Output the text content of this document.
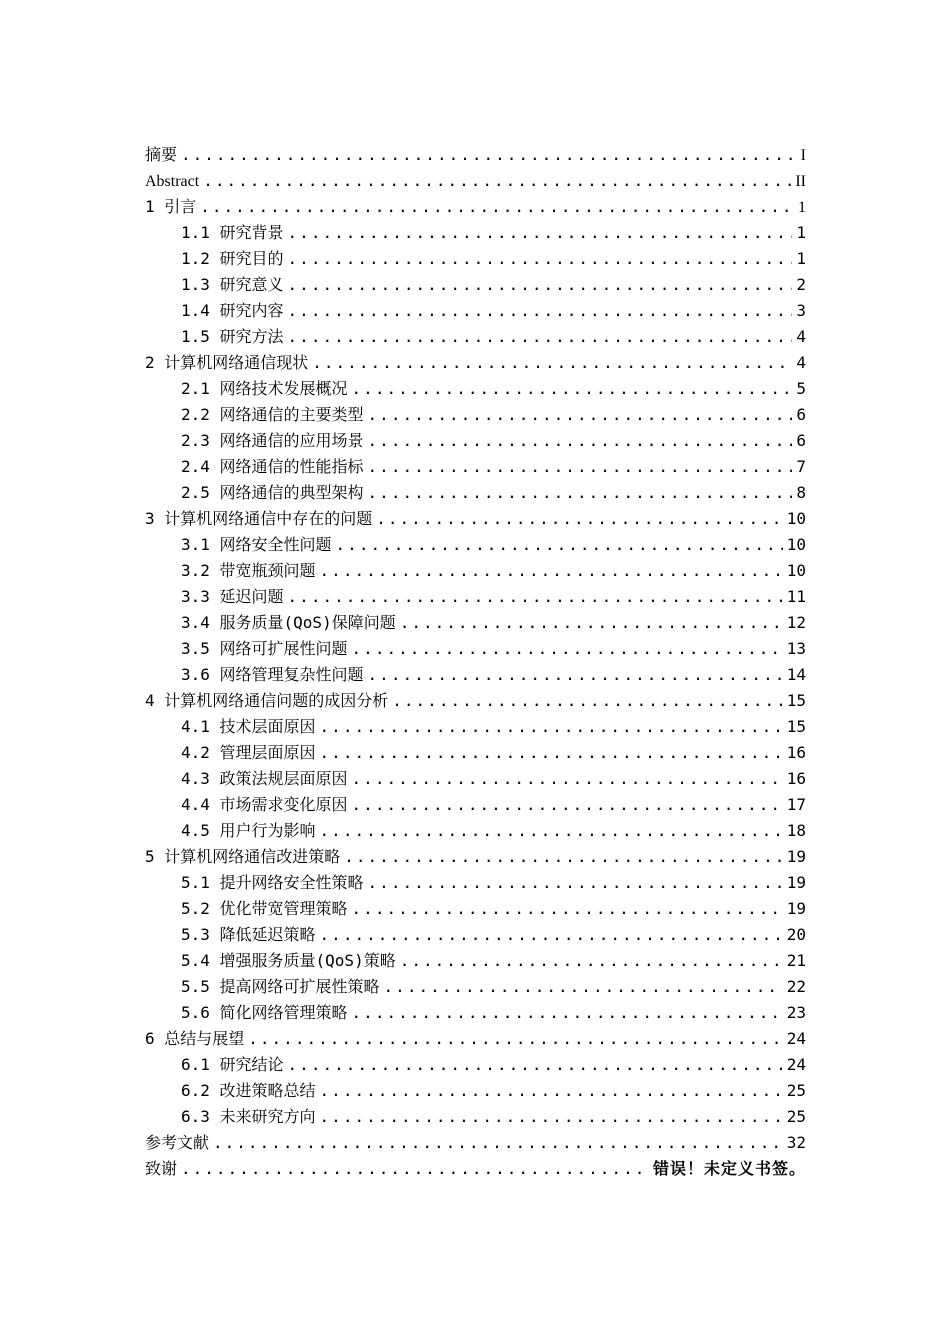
摘要 .....	I
Abstract .....	II
1 引言 .....	1
1.1 研究背景 .....	1
1.2 研究目的 .....	1
1.3 研究意义 .....	2
1.4 研究内容 .....	3
1.5 研究方法 .....	4
2 计算机网络通信现状 .....	4
2.1 网络技术发展概况 .....	5
2.2 网络通信的主要类型 .....	6
2.3 网络通信的应用场景 .....	6
2.4 网络通信的性能指标 .....	7
2.5 网络通信的典型架构 .....	8
3 计算机网络通信中存在的问题 .....	10
3.1 网络安全性问题 .....	10
3.2 带宽瓶颈问题 .....	10
3.3 延迟问题 .....	11
3.4 服务质量(QoS)保障问题 .....	12
3.5 网络可扩展性问题 .....	13
3.6 网络管理复杂性问题 .....	14
4 计算机网络通信问题的成因分析 .....	15
4.1 技术层面原因 .....	15
4.2 管理层面原因 .....	16
4.3 政策法规层面原因 .....	16
4.4 市场需求变化原因 .....	17
4.5 用户行为影响 .....	18
5 计算机网络通信改进策略 .....	19
5.1 提升网络安全性策略 .....	19
5.2 优化带宽管理策略 .....	19
5.3 降低延迟策略 .....	20
5.4 增强服务质量(QoS)策略 .....	21
5.5 提高网络可扩展性策略 .....	22
5.6 简化网络管理策略 .....	23
6 总结与展望 .....	24
6.1 研究结论 .....	24
6.2 改进策略总结 .....	25
6.3 未来研究方向 .....	25
参考文献 .....	32
致谢 .....	错误！未定义书签。
